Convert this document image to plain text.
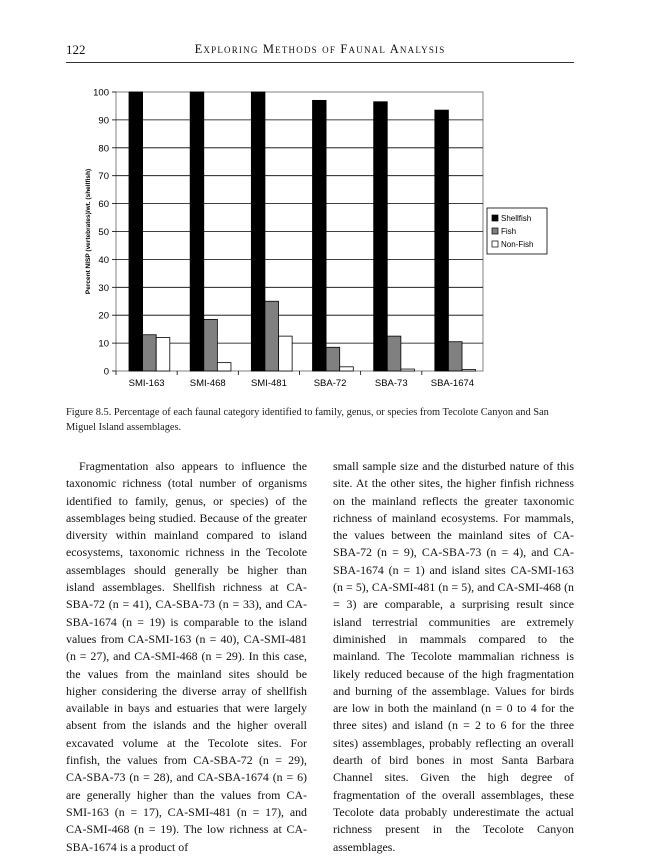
122	Exploring Methods of Faunal Analysis
0
10
20
30
40
50
60
70
80
90
100
Percent NISP (vertebrates)/wt. (shellfish)
SMI-163	SMI-468	SMI-481	SBA-72	SBA-73 SBA-1674
Shellfish
Fish
Non-Fish
Figure 8.5. Percentage of each faunal category identified to family, genus, or species from Tecolote Canyon and San Miguel Island assemblages.

Fragmentation also appears to influence the taxonomic richness (total number of organisms identified to family, genus, or species) of the assemblages being studied. Because of the greater diversity within mainland compared to island ecosystems, taxonomic richness in the Tecolote assemblages should generally be higher than island assemblages. Shellfish richness at CA-SBA-72 (n = 41), CA-SBA-73 (n = 33), and CA-SBA-1674 (n = 19) is comparable to the island values from CA-SMI-163 (n = 40), CA-SMI-481 (n = 27), and CA-SMI-468 (n = 29). In this case, the values from the mainland sites should be higher considering the diverse array of shellfish available in bays and estuaries that were largely absent from the islands and the higher overall excavated volume at the Tecolote sites. For finfish, the values from CA-SBA-72 (n = 29), CA-SBA-73 (n = 28), and CA-SBA-1674 (n = 6) are generally higher than the values from CA-SMI-163 (n = 17), CA-SMI-481 (n = 17), and CA-SMI-468 (n = 19). The low richness at CA-SBA-1674 is a product of

small sample size and the disturbed nature of this site. At the other sites, the higher finfish richness on the mainland reflects the greater taxonomic richness of mainland ecosystems. For mammals, the values between the mainland sites of CA-SBA-72 (n = 9), CA-SBA-73 (n = 4), and CA-SBA-1674 (n = 1) and island sites CA-SMI-163 (n = 5), CA-SMI-481 (n = 5), and CA-SMI-468 (n = 3) are comparable, a surprising result since island terrestrial communities are extremely diminished in mammals compared to the mainland. The Tecolote mammalian richness is likely reduced because of the high fragmentation and burning of the assemblage. Values for birds are low in both the mainland (n = 0 to 4 for the three sites) and island (n = 2 to 6 for the three sites) assemblages, probably reflecting an overall dearth of bird bones in most Santa Barbara Channel sites. Given the high degree of fragmentation of the overall assemblages, these Tecolote data probably underestimate the actual richness present in the Tecolote Canyon assemblages.
